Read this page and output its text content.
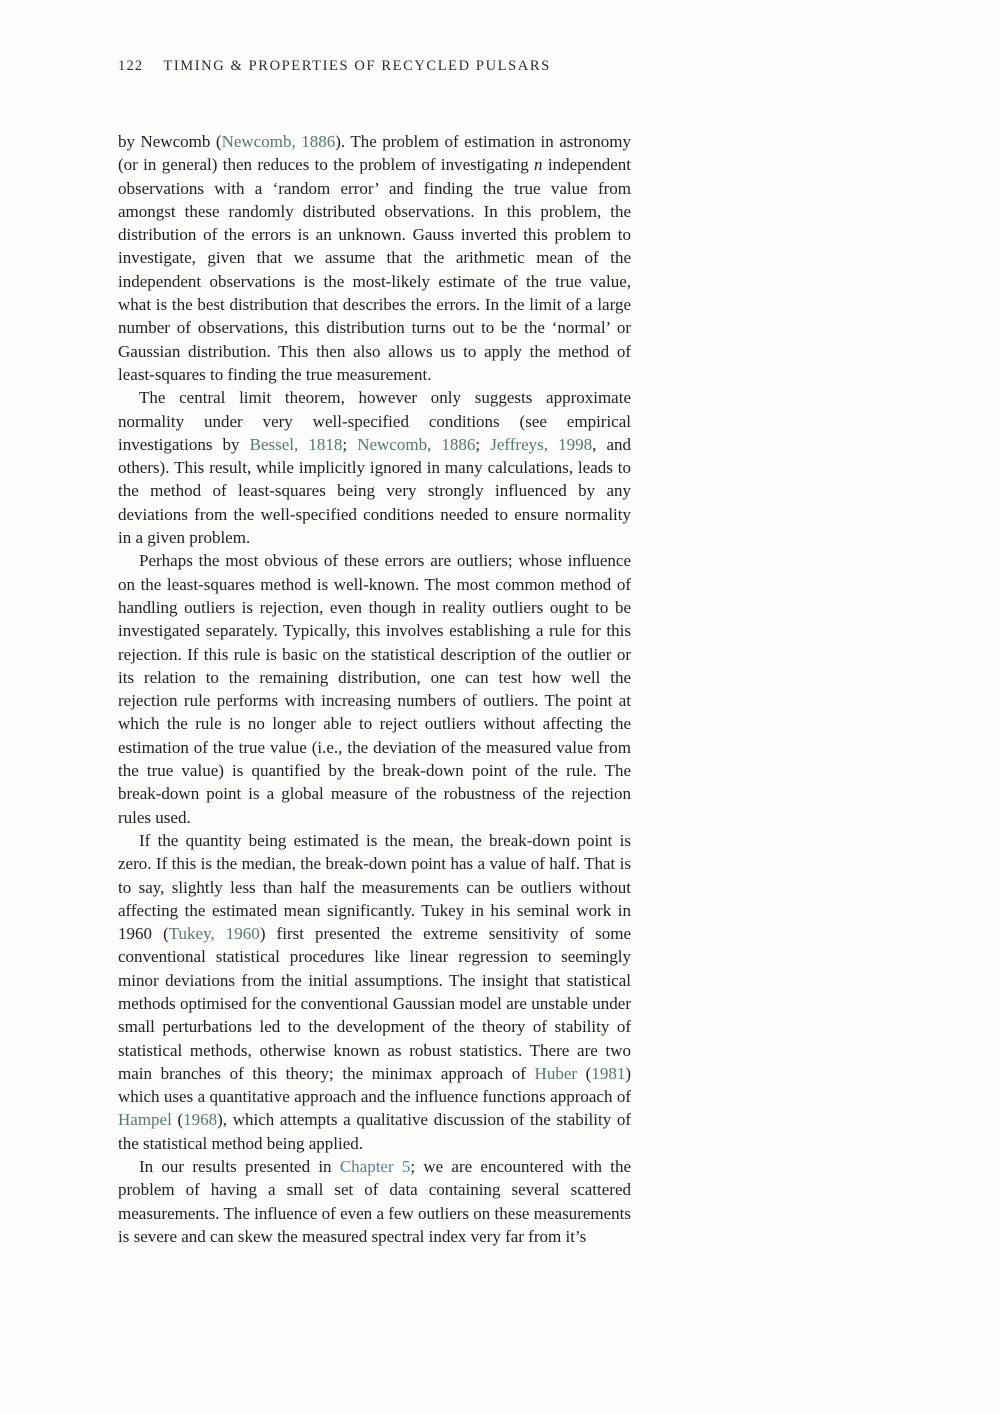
122 TIMING & PROPERTIES OF RECYCLED PULSARS

by Newcomb (Newcomb, 1886). The problem of estimation in astronomy (or in general) then reduces to the problem of investigating n independent observations with a ‘random error’ and finding the true value from amongst these randomly distributed observations. In this problem, the distribution of the errors is an unknown. Gauss inverted this problem to investigate, given that we assume that the arithmetic mean of the independent observations is the most-likely estimate of the true value, what is the best distribution that describes the errors. In the limit of a large number of observations, this distribution turns out to be the ‘normal’ or Gaussian distribution. This then also allows us to apply the method of least-squares to finding the true measurement.

The central limit theorem, however only suggests approximate normality under very well-specified conditions (see empirical investigations by Bessel, 1818; Newcomb, 1886; Jeffreys, 1998, and others). This result, while implicitly ignored in many calculations, leads to the method of least-squares being very strongly influenced by any deviations from the well-specified conditions needed to ensure normality in a given problem.

Perhaps the most obvious of these errors are outliers; whose influence on the least-squares method is well-known. The most common method of handling outliers is rejection, even though in reality outliers ought to be investigated separately. Typically, this involves establishing a rule for this rejection. If this rule is basic on the statistical description of the outlier or its relation to the remaining distribution, one can test how well the rejection rule performs with increasing numbers of outliers. The point at which the rule is no longer able to reject outliers without affecting the estimation of the true value (i.e., the deviation of the measured value from the true value) is quantified by the break-down point of the rule. The break-down point is a global measure of the robustness of the rejection rules used.

If the quantity being estimated is the mean, the break-down point is zero. If this is the median, the break-down point has a value of half. That is to say, slightly less than half the measurements can be outliers without affecting the estimated mean significantly. Tukey in his seminal work in 1960 (Tukey, 1960) first presented the extreme sensitivity of some conventional statistical procedures like linear regression to seemingly minor deviations from the initial assumptions. The insight that statistical methods optimised for the conventional Gaussian model are unstable under small perturbations led to the development of the theory of stability of statistical methods, otherwise known as robust statistics. There are two main branches of this theory; the minimax approach of Huber (1981) which uses a quantitative approach and the influence functions approach of Hampel (1968), which attempts a qualitative discussion of the stability of the statistical method being applied.

In our results presented in Chapter 5; we are encountered with the problem of having a small set of data containing several scattered measurements. The influence of even a few outliers on these measurements is severe and can skew the measured spectral index very far from it’s
